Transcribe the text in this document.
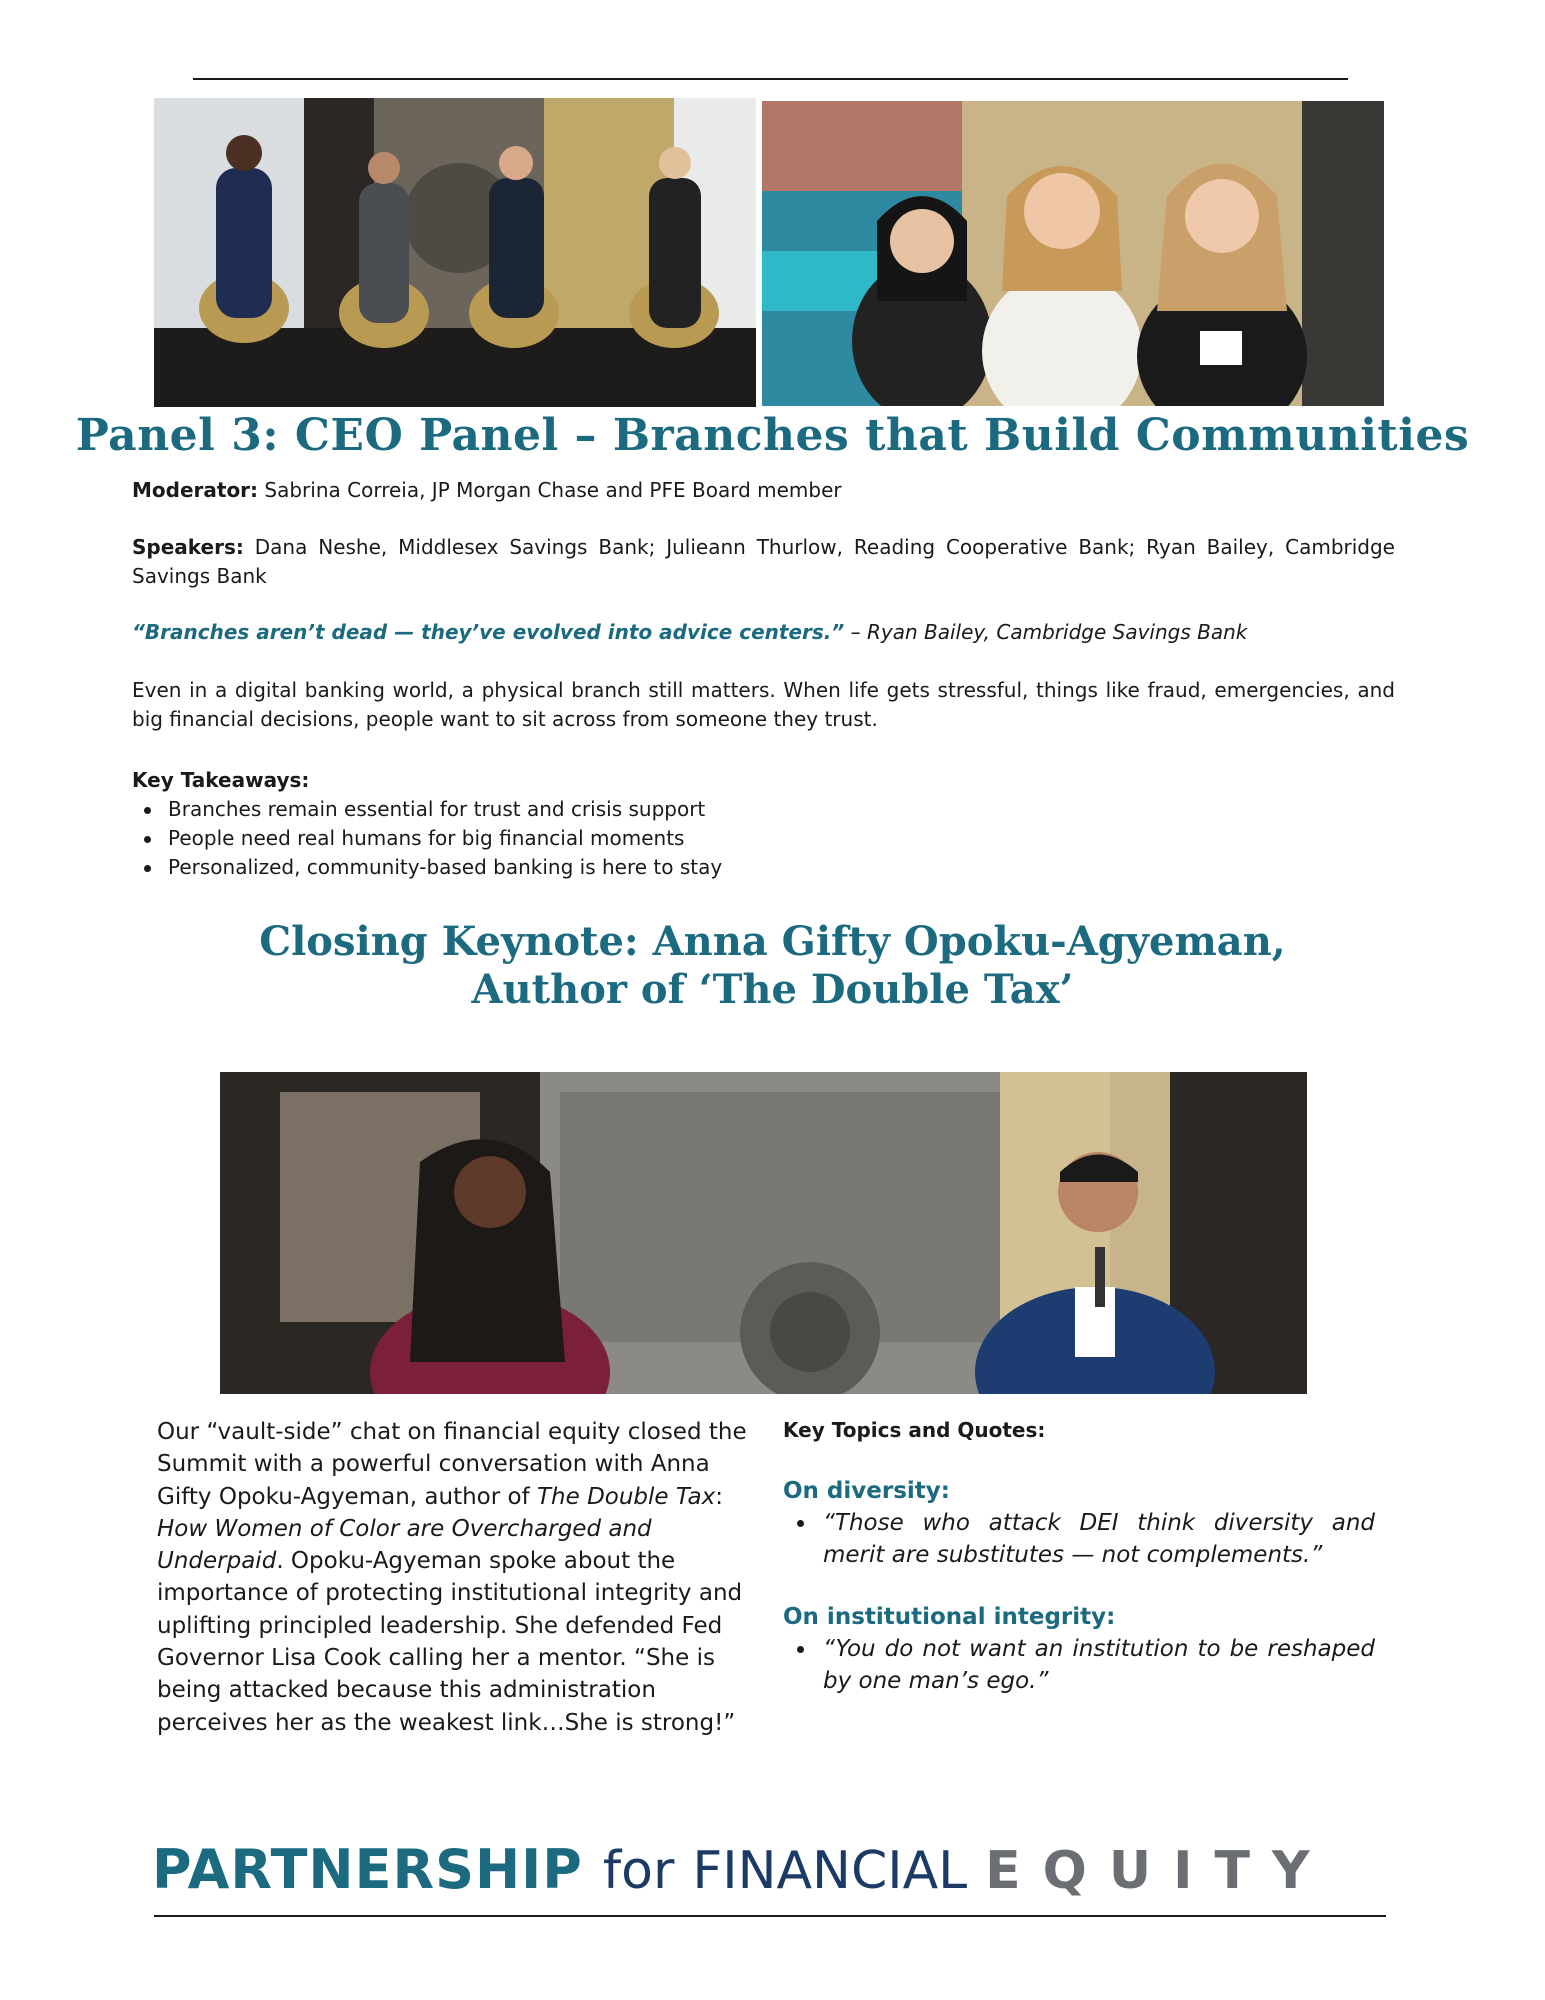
Panel 3: CEO Panel – Branches that Build Communities

Moderator: Sabrina Correia, JP Morgan Chase and PFE Board member

Speakers: Dana Neshe, Middlesex Savings Bank; Julieann Thurlow, Reading Cooperative Bank; Ryan Bailey, Cambridge Savings Bank

“Branches aren’t dead — they’ve evolved into advice centers.” – Ryan Bailey, Cambridge Savings Bank

Even in a digital banking world, a physical branch still matters. When life gets stressful, things like fraud, emergencies, and big financial decisions, people want to sit across from someone they trust.

Key Takeaways:

Branches remain essential for trust and crisis support
People need real humans for big financial moments
Personalized, community-based banking is here to stay
Closing Keynote: Anna Gifty Opoku-Agyeman,
Author of ‘The Double Tax’

Our “vault-side” chat on financial equity closed the Summit with a powerful conversation with Anna Gifty Opoku-Agyeman, author of The Double Tax: How Women of Color are Overcharged and Underpaid. Opoku-Agyeman spoke about the importance of protecting institutional integrity and uplifting principled leadership. She defended Fed Governor Lisa Cook calling her a mentor. “She is being attacked because this administration perceives her as the weakest link…She is strong!”

Key Topics and Quotes:

On diversity:

“Those who attack DEI think diversity and merit are substitutes — not complements.”

On institutional integrity:

“You do not want an institution to be reshaped by one man’s ego.”
PARTNERSHIP for FINANCIAL EQUITY
